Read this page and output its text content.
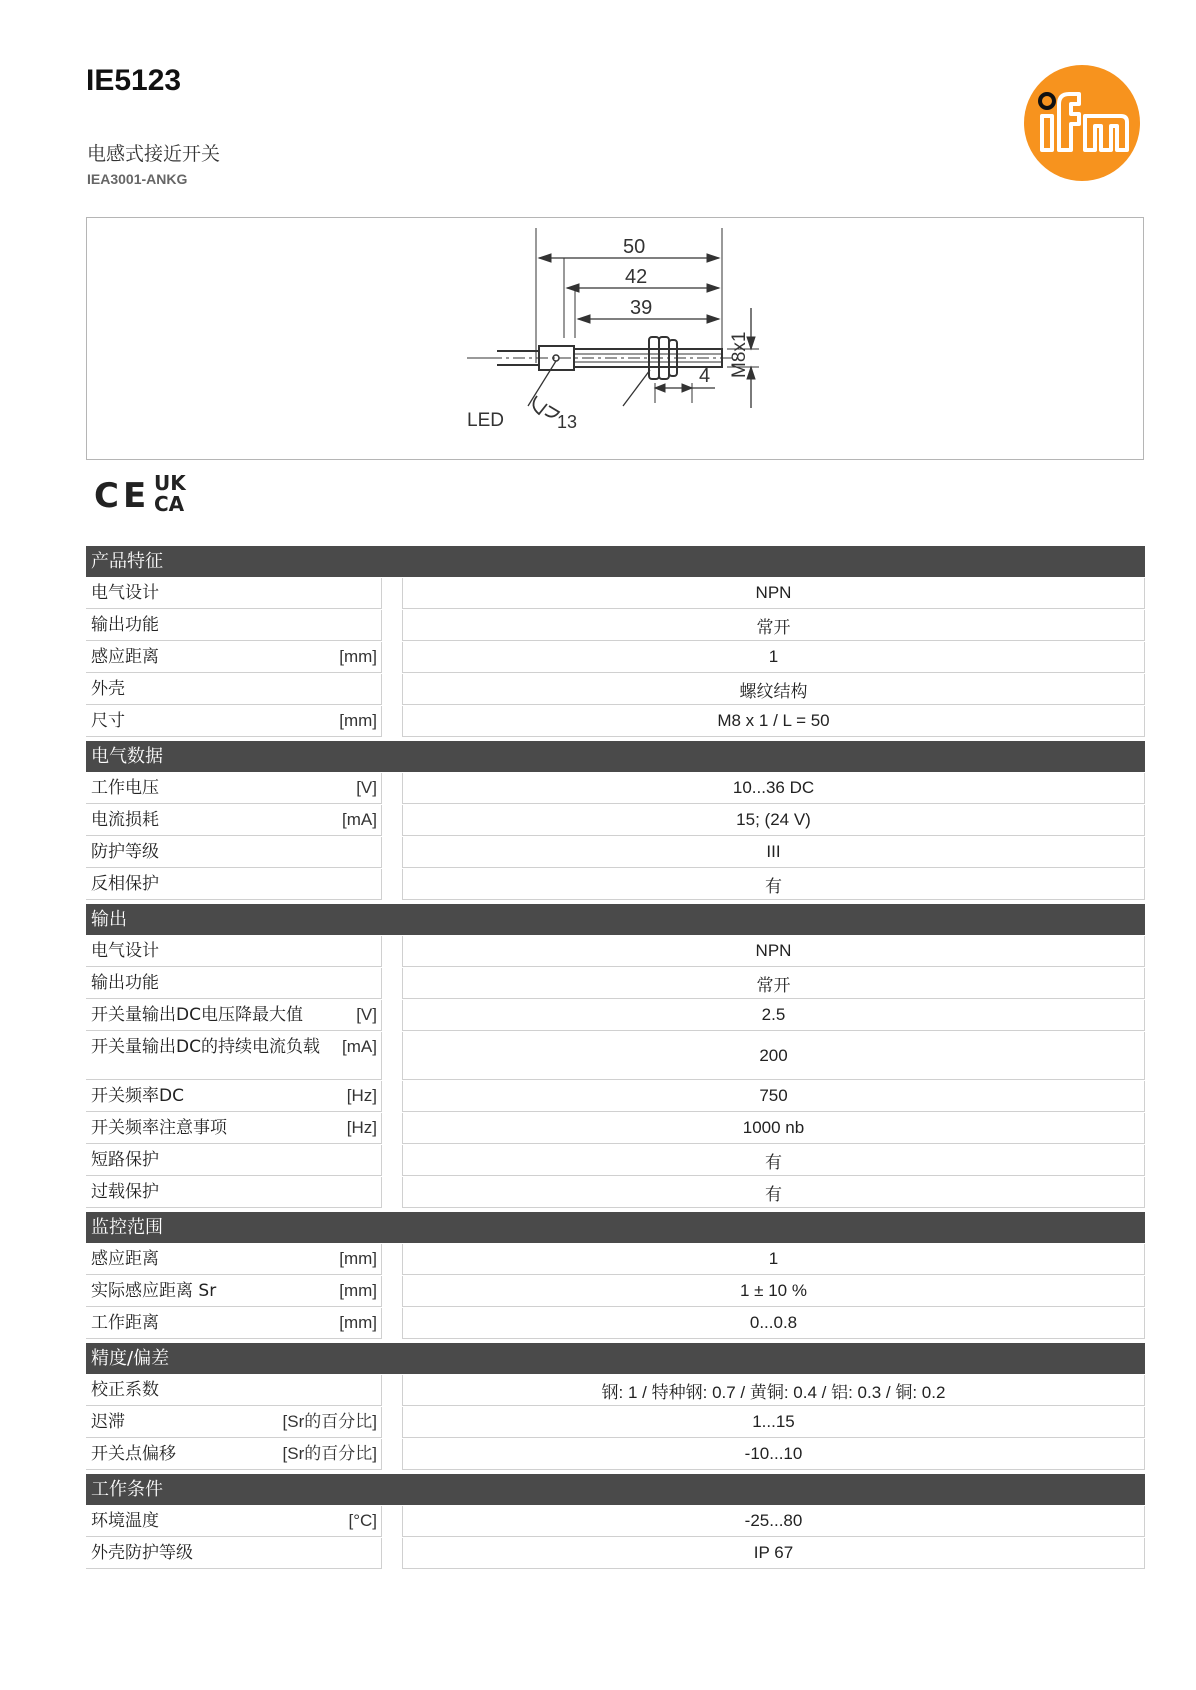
IE5123
电感式接近开关
IEA3001-ANKG
50
42
39
M8x1
4
LED	13
CE UK
CA
产品特征
电气设计	NPN
输出功能	常开
感应距离	[mm]	1
外壳	螺纹结构
尺寸	[mm]	M8 x 1 / L = 50
电气数据
工作电压	[V]	10...36 DC
电流损耗	[mA]	15; (24 V)
防护等级	III
反相保护	有
输出
电气设计	NPN
输出功能	常开
开关量输出DC电压降最大值	[V]	2.5
开关量输出DC的持续电流负载 [mA]	200
开关频率DC	[Hz]	750
开关频率注意事项	[Hz]	1000 nb
短路保护	有
过载保护	有
监控范围
感应距离	[mm]	1
实际感应距离 Sr	[mm]	1 ± 10 %
工作距离	[mm]	0...0.8
精度/偏差
校正系数	钢: 1 / 特种钢: 0.7 / 黄铜: 0.4 / 铝: 0.3 / 铜: 0.2
迟滞	[Sr的百分比]	1...15
开关点偏移	[Sr的百分比]	-10...10
工作条件
环境温度	[°C]	-25...80
外壳防护等级	IP 67
